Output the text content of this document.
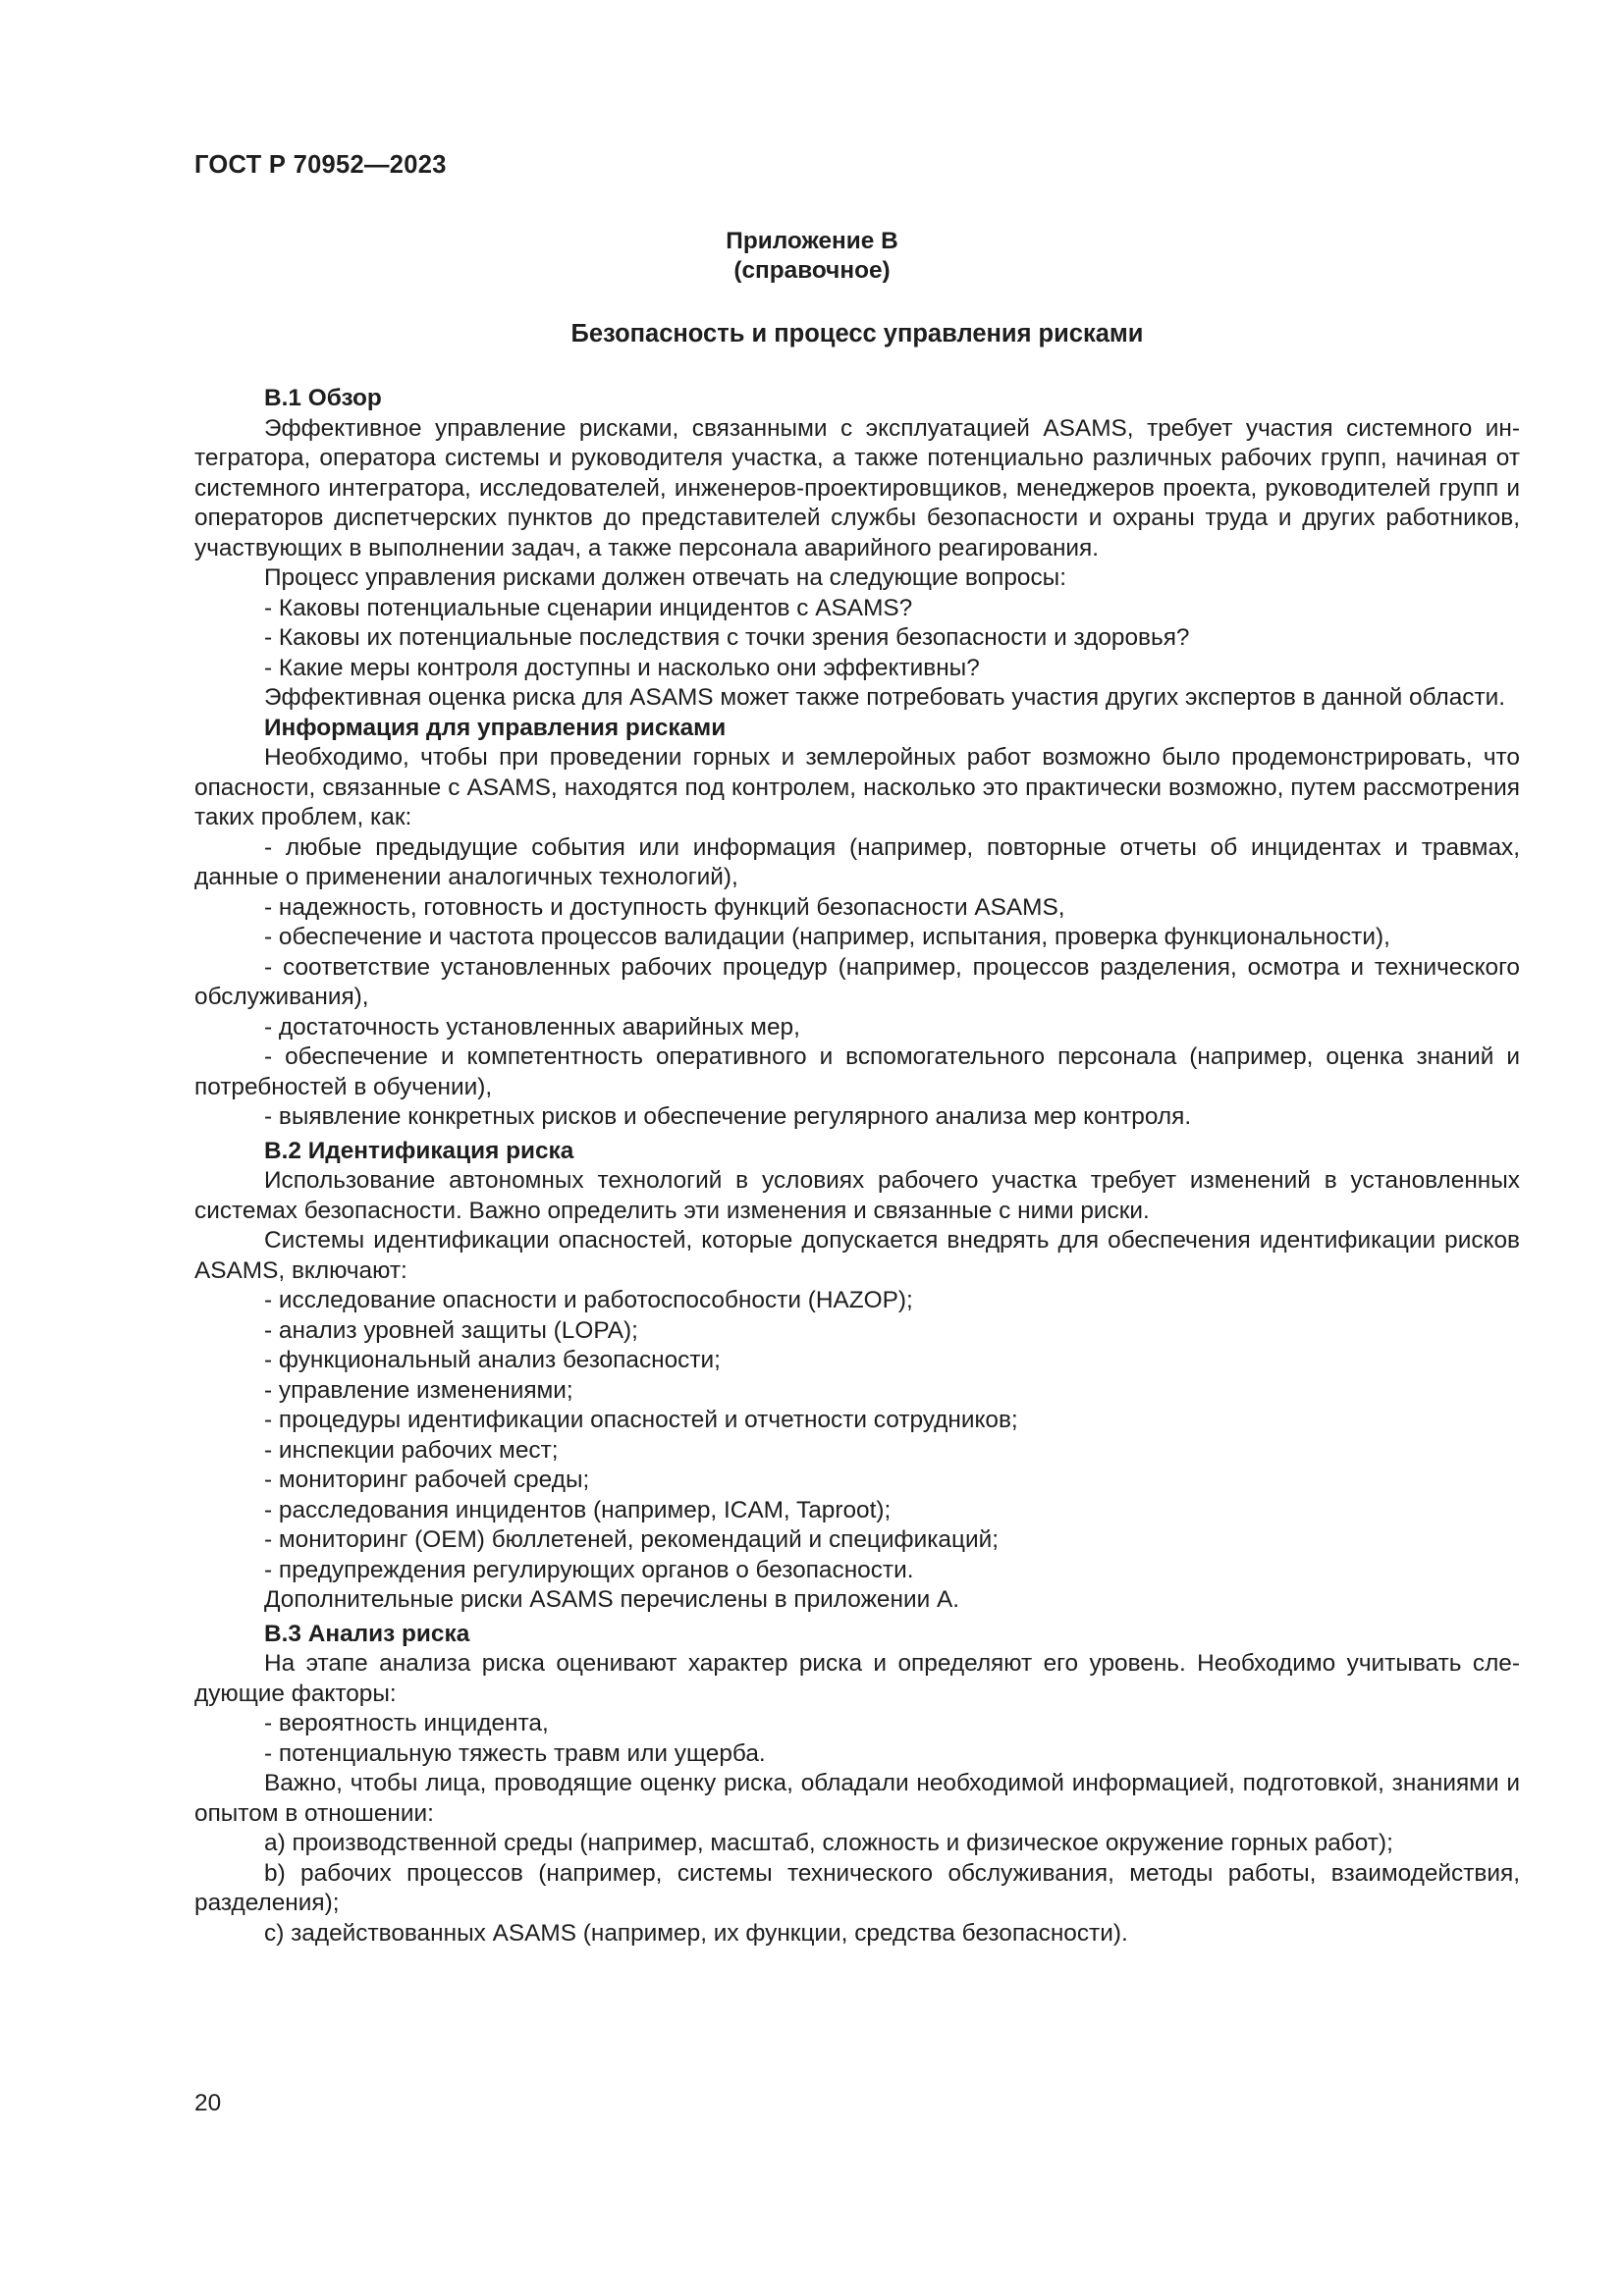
ГОСТ Р 70952—2023

Приложение В
(справочное)

Безопасность и процесс управления рисками

В.1 Обзор

Эффективное управление рисками, связанными с эксплуатацией ASAMS, требует участия системного интегратора, оператора системы и руководителя участка, а также потенциально различных рабочих групп, начиная от системного интегратора, исследователей, инженеров-проектировщиков, менеджеров проекта, руководителей групп и операторов диспетчерских пунктов до представителей службы безопасности и охраны труда и других работников, участвующих в выполнении задач, а также персонала аварийного реагирования.

Процесс управления рисками должен отвечать на следующие вопросы:

- Каковы потенциальные сценарии инцидентов с ASAMS?

- Каковы их потенциальные последствия с точки зрения безопасности и здоровья?

- Какие меры контроля доступны и насколько они эффективны?

Эффективная оценка риска для ASAMS может также потребовать участия других экспертов в данной области.

Информация для управления рисками

Необходимо, чтобы при проведении горных и землеройных работ возможно было продемонстрировать, что опасности, связанные с ASAMS, находятся под контролем, насколько это практически возможно, путем рассмотрения таких проблем, как:

- любые предыдущие события или информация (например, повторные отчеты об инцидентах и травмах, данные о применении аналогичных технологий),

- надежность, готовность и доступность функций безопасности ASAMS,

- обеспечение и частота процессов валидации (например, испытания, проверка функциональности),

- соответствие установленных рабочих процедур (например, процессов разделения, осмотра и технического обслуживания),

- достаточность установленных аварийных мер,

- обеспечение и компетентность оперативного и вспомогательного персонала (например, оценка знаний и потребностей в обучении),

- выявление конкретных рисков и обеспечение регулярного анализа мер контроля.

В.2 Идентификация риска

Использование автономных технологий в условиях рабочего участка требует изменений в установленных системах безопасности. Важно определить эти изменения и связанные с ними риски.

Системы идентификации опасностей, которые допускается внедрять для обеспечения идентификации рисков ASAMS, включают:

- исследование опасности и работоспособности (HAZOP);

- анализ уровней защиты (LOPA);

- функциональный анализ безопасности;

- управление изменениями;

- процедуры идентификации опасностей и отчетности сотрудников;

- инспекции рабочих мест;

- мониторинг рабочей среды;

- расследования инцидентов (например, ICAM, Taproot);

- мониторинг (OEM) бюллетеней, рекомендаций и спецификаций;

- предупреждения регулирующих органов о безопасности.

Дополнительные риски ASAMS перечислены в приложении А.

В.3 Анализ риска

На этапе анализа риска оценивают характер риска и определяют его уровень. Необходимо учитывать следующие факторы:

- вероятность инцидента,

- потенциальную тяжесть травм или ущерба.

Важно, чтобы лица, проводящие оценку риска, обладали необходимой информацией, подготовкой, знаниями и опытом в отношении:

а) производственной среды (например, масштаб, сложность и физическое окружение горных работ);

b) рабочих процессов (например, системы технического обслуживания, методы работы, взаимодействия, разделения);

с) задействованных ASAMS (например, их функции, средства безопасности).

20
